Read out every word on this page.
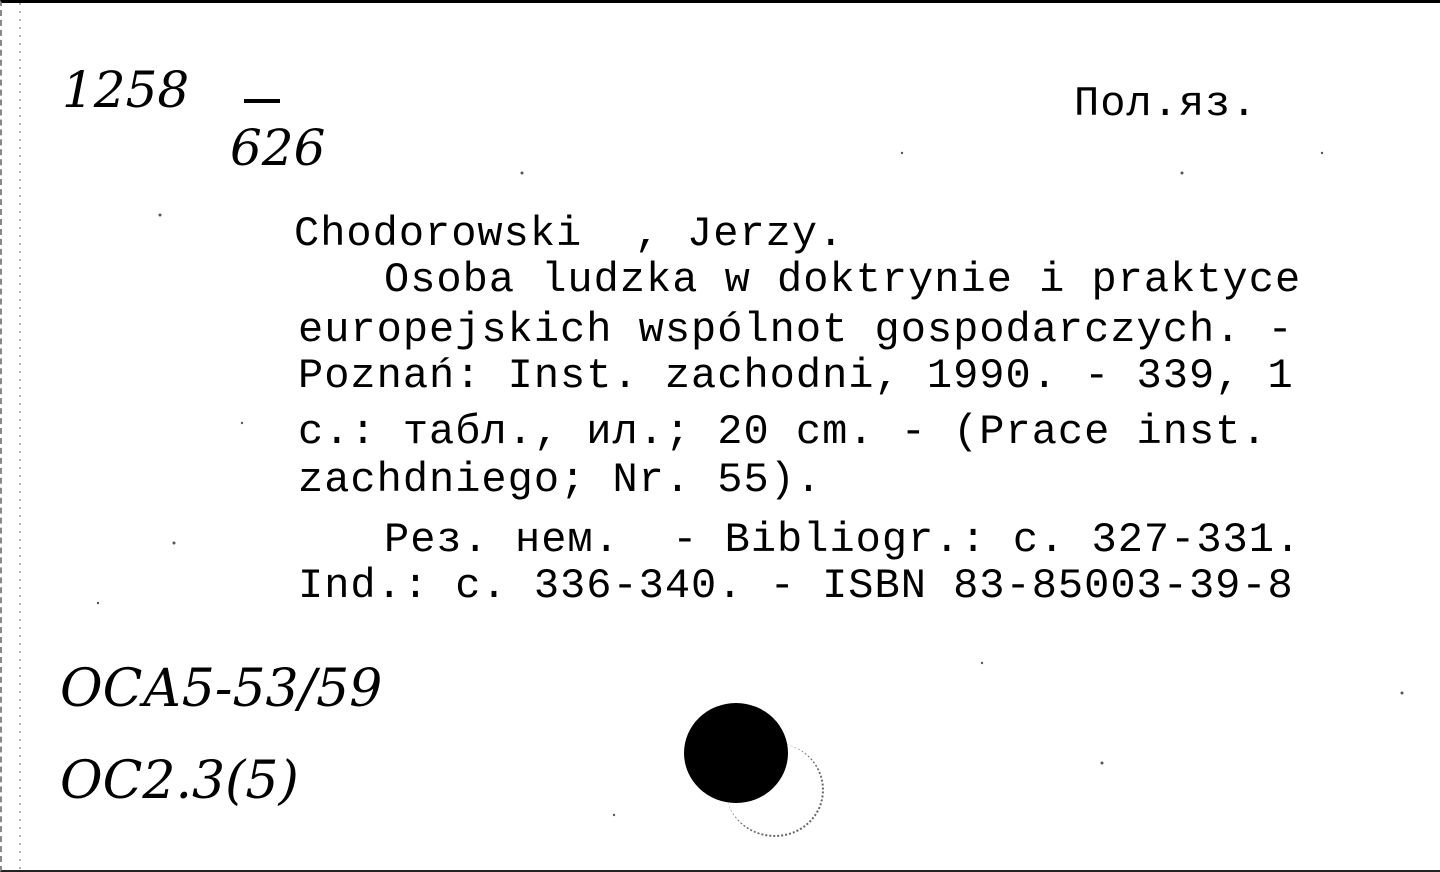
1258
626
Пол.яз.
Chodorowski  , Jerzy.
Osoba ludzka w doktrynie i praktyce
europejskich wspólnot gospodarczych. -
Poznań: Inst. zachodni, 1990. - 339, 1
c.: табл., ил.; 20 cm. - (Prace inst.
zachdniego; Nr. 55).
Рез. нем.  - Bibliogr.: c. 327-331.
Ind.: c. 336-340. - ISBN 83-85003-39-8
ОСА5-53/59
ОС2.3(5)
